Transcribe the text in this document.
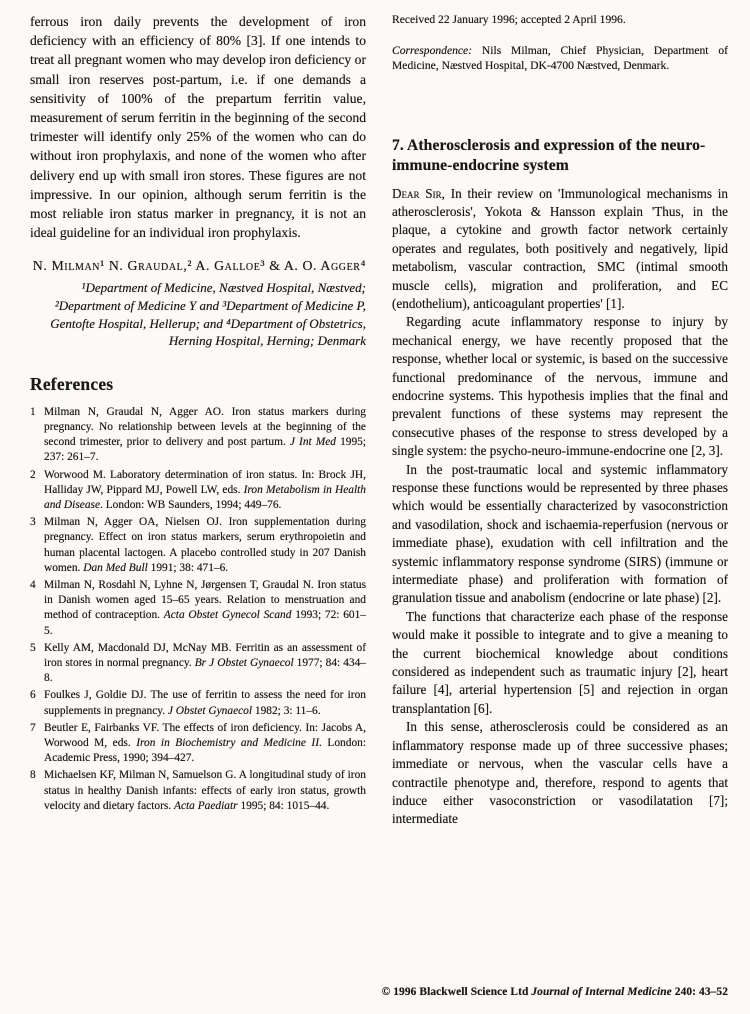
ferrous iron daily prevents the development of iron deficiency with an efficiency of 80% [3]. If one intends to treat all pregnant women who may develop iron deficiency or small iron reserves post-partum, i.e. if one demands a sensitivity of 100% of the prepartum ferritin value, measurement of serum ferritin in the beginning of the second trimester will identify only 25% of the women who can do without iron prophylaxis, and none of the women who after delivery end up with small iron stores. These figures are not impressive. In our opinion, although serum ferritin is the most reliable iron status marker in pregnancy, it is not an ideal guideline for an individual iron prophylaxis.

N. Milman¹ N. Graudal,² A. Galloe³ & A. O. Agger⁴

¹Department of Medicine, Næstved Hospital, Næstved; ²Department of Medicine Y and ³Department of Medicine P, Gentofte Hospital, Hellerup; and ⁴Department of Obstetrics, Herning Hospital, Herning; Denmark

References
1 Milman N, Graudal N, Agger AO. Iron status markers during pregnancy. No relationship between levels at the beginning of the second trimester, prior to delivery and post partum. J Int Med 1995; 237: 261–7.
2 Worwood M. Laboratory determination of iron status. In: Brock JH, Halliday JW, Pippard MJ, Powell LW, eds. Iron Metabolism in Health and Disease. London: WB Saunders, 1994; 449–76.
3 Milman N, Agger OA, Nielsen OJ. Iron supplementation during pregnancy. Effect on iron status markers, serum erythropoietin and human placental lactogen. A placebo controlled study in 207 Danish women. Dan Med Bull 1991; 38: 471–6.
4 Milman N, Rosdahl N, Lyhne N, Jørgensen T, Graudal N. Iron status in Danish women aged 15–65 years. Relation to menstruation and method of contraception. Acta Obstet Gynecol Scand 1993; 72: 601–5.
5 Kelly AM, Macdonald DJ, McNay MB. Ferritin as an assessment of iron stores in normal pregnancy. Br J Obstet Gynaecol 1977; 84: 434–8.
6 Foulkes J, Goldie DJ. The use of ferritin to assess the need for iron supplements in pregnancy. J Obstet Gynaecol 1982; 3: 11–6.
7 Beutler E, Fairbanks VF. The effects of iron deficiency. In: Jacobs A, Worwood M, eds. Iron in Biochemistry and Medicine II. London: Academic Press, 1990; 394–427.
8 Michaelsen KF, Milman N, Samuelson G. A longitudinal study of iron status in healthy Danish infants: effects of early iron status, growth velocity and dietary factors. Acta Paediatr 1995; 84: 1015–44.

Received 22 January 1996; accepted 2 April 1996.

Correspondence: Nils Milman, Chief Physician, Department of Medicine, Næstved Hospital, DK-4700 Næstved, Denmark.

7. Atherosclerosis and expression of the neuro-immune-endocrine system

Dear Sir, In their review on 'Immunological mechanisms in atherosclerosis', Yokota & Hansson explain 'Thus, in the plaque, a cytokine and growth factor network certainly operates and regulates, both positively and negatively, lipid metabolism, vascular contraction, SMC (intimal smooth muscle cells), migration and proliferation, and EC (endothelium), anticoagulant properties' [1].

Regarding acute inflammatory response to injury by mechanical energy, we have recently proposed that the response, whether local or systemic, is based on the successive functional predominance of the nervous, immune and endocrine systems. This hypothesis implies that the final and prevalent functions of these systems may represent the consecutive phases of the response to stress developed by a single system: the psycho-neuro-immune-endocrine one [2, 3].

In the post-traumatic local and systemic inflammatory response these functions would be represented by three phases which would be essentially characterized by vasoconstriction and vasodilation, shock and ischaemia-reperfusion (nervous or immediate phase), exudation with cell infiltration and the systemic inflammatory response syndrome (SIRS) (immune or intermediate phase) and proliferation with formation of granulation tissue and anabolism (endocrine or late phase) [2].

The functions that characterize each phase of the response would make it possible to integrate and to give a meaning to the current biochemical knowledge about conditions considered as independent such as traumatic injury [2], heart failure [4], arterial hypertension [5] and rejection in organ transplantation [6].

In this sense, atherosclerosis could be considered as an inflammatory response made up of three successive phases; immediate or nervous, when the vascular cells have a contractile phenotype and, therefore, respond to agents that induce either vasoconstriction or vasodilatation [7]; intermediate

© 1996 Blackwell Science Ltd Journal of Internal Medicine 240: 43–52
